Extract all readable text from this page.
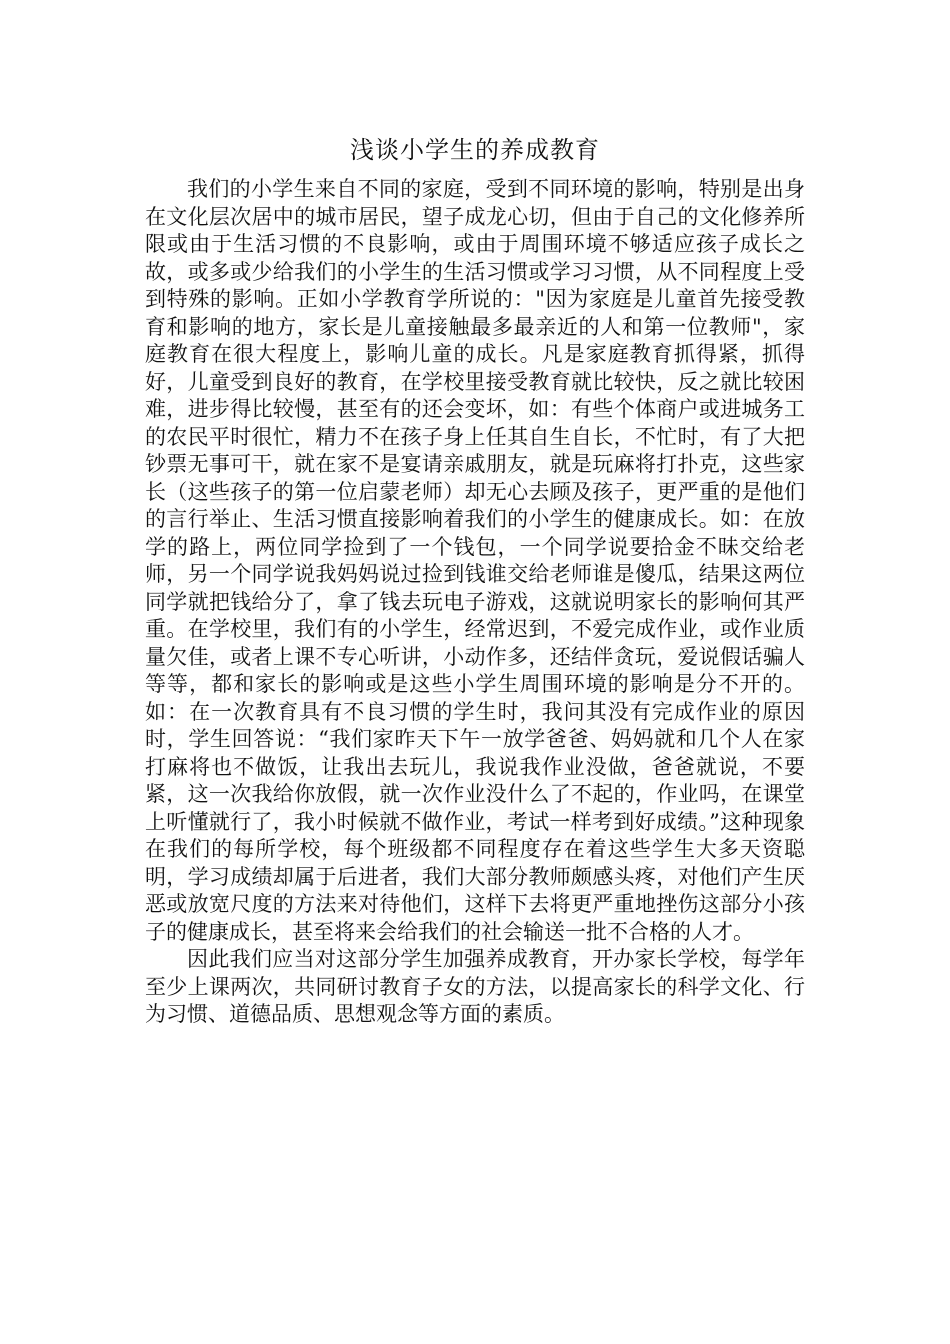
浅谈小学生的养成教育

我们的小学生来自不同的家庭，受到不同环境的影响，特别是出身在文化层次居中的城市居民，望子成龙心切，但由于自己的文化修养所限或由于生活习惯的不良影响，或由于周围环境不够适应孩子成长之故，或多或少给我们的小学生的生活习惯或学习习惯，从不同程度上受到特殊的影响。正如小学教育学所说的："因为家庭是儿童首先接受教育和影响的地方，家长是儿童接触最多最亲近的人和第一位教师"，家庭教育在很大程度上，影响儿童的成长。凡是家庭教育抓得紧，抓得好，儿童受到良好的教育，在学校里接受教育就比较快，反之就比较困难，进步得比较慢，甚至有的还会变坏，如：有些个体商户或进城务工的农民平时很忙，精力不在孩子身上任其自生自长，不忙时，有了大把钞票无事可干，就在家不是宴请亲戚朋友，就是玩麻将打扑克，这些家长（这些孩子的第一位启蒙老师）却无心去顾及孩子，更严重的是他们的言行举止、生活习惯直接影响着我们的小学生的健康成长。如：在放学的路上，两位同学捡到了一个钱包，一个同学说要拾金不昧交给老师，另一个同学说我妈妈说过捡到钱谁交给老师谁是傻瓜，结果这两位同学就把钱给分了，拿了钱去玩电子游戏，这就说明家长的影响何其严重。在学校里，我们有的小学生，经常迟到，不爱完成作业，或作业质量欠佳，或者上课不专心听讲，小动作多，还结伴贪玩，爱说假话骗人等等，都和家长的影响或是这些小学生周围环境的影响是分不开的。如：在一次教育具有不良习惯的学生时，我问其没有完成作业的原因时，学生回答说：“我们家昨天下午一放学爸爸、妈妈就和几个人在家打麻将也不做饭，让我出去玩儿，我说我作业没做，爸爸就说，不要紧，这一次我给你放假，就一次作业没什么了不起的，作业吗，在课堂上听懂就行了，我小时候就不做作业，考试一样考到好成绩。”这种现象在我们的每所学校，每个班级都不同程度存在着这些学生大多天资聪明，学习成绩却属于后进者，我们大部分教师颇感头疼，对他们产生厌恶或放宽尺度的方法来对待他们，这样下去将更严重地挫伤这部分小孩子的健康成长，甚至将来会给我们的社会输送一批不合格的人才。

因此我们应当对这部分学生加强养成教育，开办家长学校，每学年至少上课两次，共同研讨教育子女的方法，以提高家长的科学文化、行为习惯、道德品质、思想观念等方面的素质。
